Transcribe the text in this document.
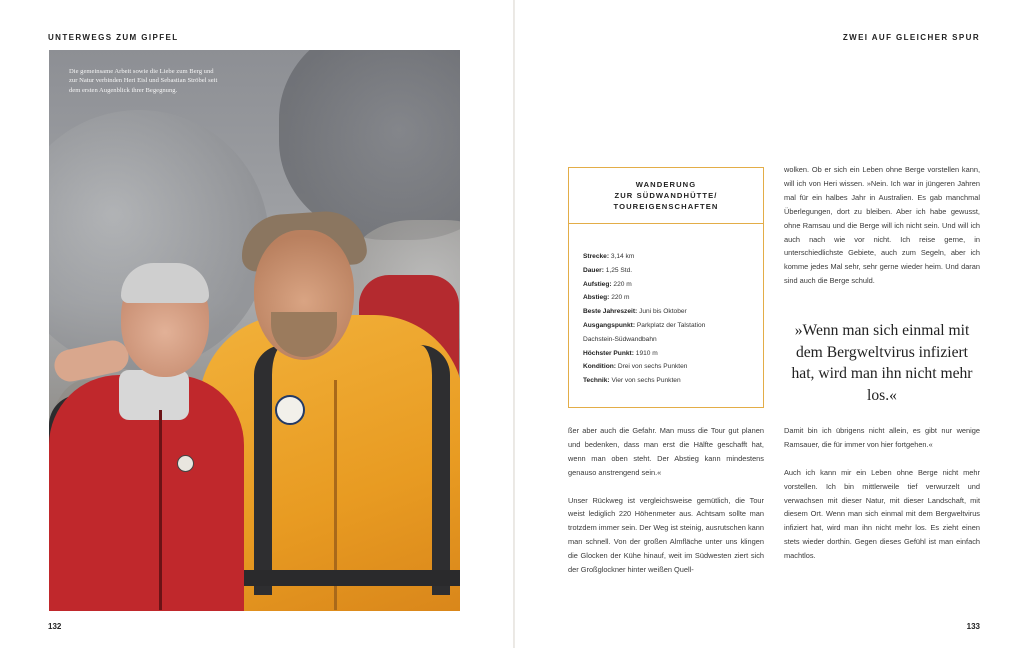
UNTERWEGS ZUM GIPFEL	ZWEI AUF GLEICHER SPUR
Die gemeinsame Arbeit sowie die Liebe zum Berg und zur Natur verbinden Heri Eisl und Sebastian Ströbel seit dem ersten Augenblick ihrer Begegnung.
WANDERUNG
ZUR SÜDWANDHÜTTE/
TOUREIGENSCHAFTEN
Strecke: 3,14 km
Dauer: 1,25 Std.
Aufstieg: 220 m
Abstieg: 220 m
Beste Jahreszeit: Juni bis Oktober
Ausgangspunkt: Parkplatz der Talstation
Dachstein-Südwandbahn
Höchster Punkt: 1910 m
Kondition: Drei von sechs Punkten
Technik: Vier von sechs Punkten

ßer aber auch die Gefahr. Man muss die Tour gut planen und bedenken, dass man erst die Hälfte geschafft hat, wenn man oben steht. Der Abstieg kann mindestens genauso anstrengend sein.«

Unser Rückweg ist vergleichsweise gemütlich, die Tour weist lediglich 220 Höhenmeter aus. Achtsam sollte man trotzdem immer sein. Der Weg ist steinig, ausrutschen kann man schnell. Von der großen Almfläche unter uns klingen die Glocken der Kühe hinauf, weit im Südwesten ziert sich der Großglockner hinter weißen Quell-

wolken. Ob er sich ein Leben ohne Berge vorstellen kann, will ich von Heri wissen. »Nein. Ich war in jüngeren Jahren mal für ein halbes Jahr in Australien. Es gab manchmal Überlegungen, dort zu bleiben. Aber ich habe gewusst, ohne Ramsau und die Berge will ich nicht sein. Und will ich auch nach wie vor nicht. Ich reise gerne, in unterschiedlichste Gebiete, auch zum Segeln, aber ich komme jedes Mal sehr, sehr gerne wieder heim. Und daran sind auch die Berge schuld.

»Wenn man sich einmal mit dem Bergweltvirus infiziert hat, wird man ihn nicht mehr los.«

Damit bin ich übrigens nicht allein, es gibt nur wenige Ramsauer, die für immer von hier fortgehen.«

Auch ich kann mir ein Leben ohne Berge nicht mehr vorstellen. Ich bin mittlerweile tief verwurzelt und verwachsen mit dieser Natur, mit dieser Landschaft, mit diesem Ort. Wenn man sich einmal mit dem Bergweltvirus infiziert hat, wird man ihn nicht mehr los. Es zieht einen stets wieder dorthin. Gegen dieses Gefühl ist man einfach machtlos.

132	133
